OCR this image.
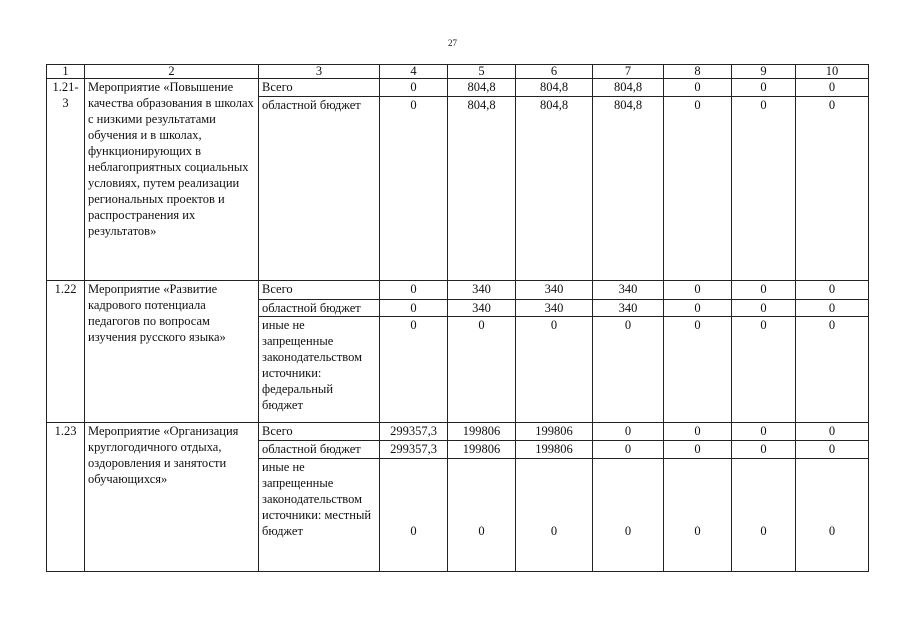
27
1	2	3	4	5	6	7	8	9	10
1.21-3	Мероприятие «Повышение качества образования в школах с низкими результатами обучения и в школах, функционирующих в неблагоприятных социальных условиях, путем реализации региональных проектов и распространения их результатов»	Всего	0	804,8	804,8	804,8	0	0	0
		областной бюджет	0	804,8	804,8	804,8	0	0	0
1.22	Мероприятие «Развитие кадрового потенциала педагогов по вопросам изучения русского языка»	Всего	0	340	340	340	0	0	0
		областной бюджет	0	340	340	340	0	0	0
		иные не запрещенные законодательством источники: федеральный бюджет	0	0	0	0	0	0	0
1.23	Мероприятие «Организация круглогодичного отдыха, оздоровления и занятости обучающихся»	Всего	299357,3	199806	199806	0	0	0	0
		областной бюджет	299357,3	199806	199806	0	0	0	0
		иные не запрещенные законодательством источники: местный бюджет	0	0	0	0	0	0	0
